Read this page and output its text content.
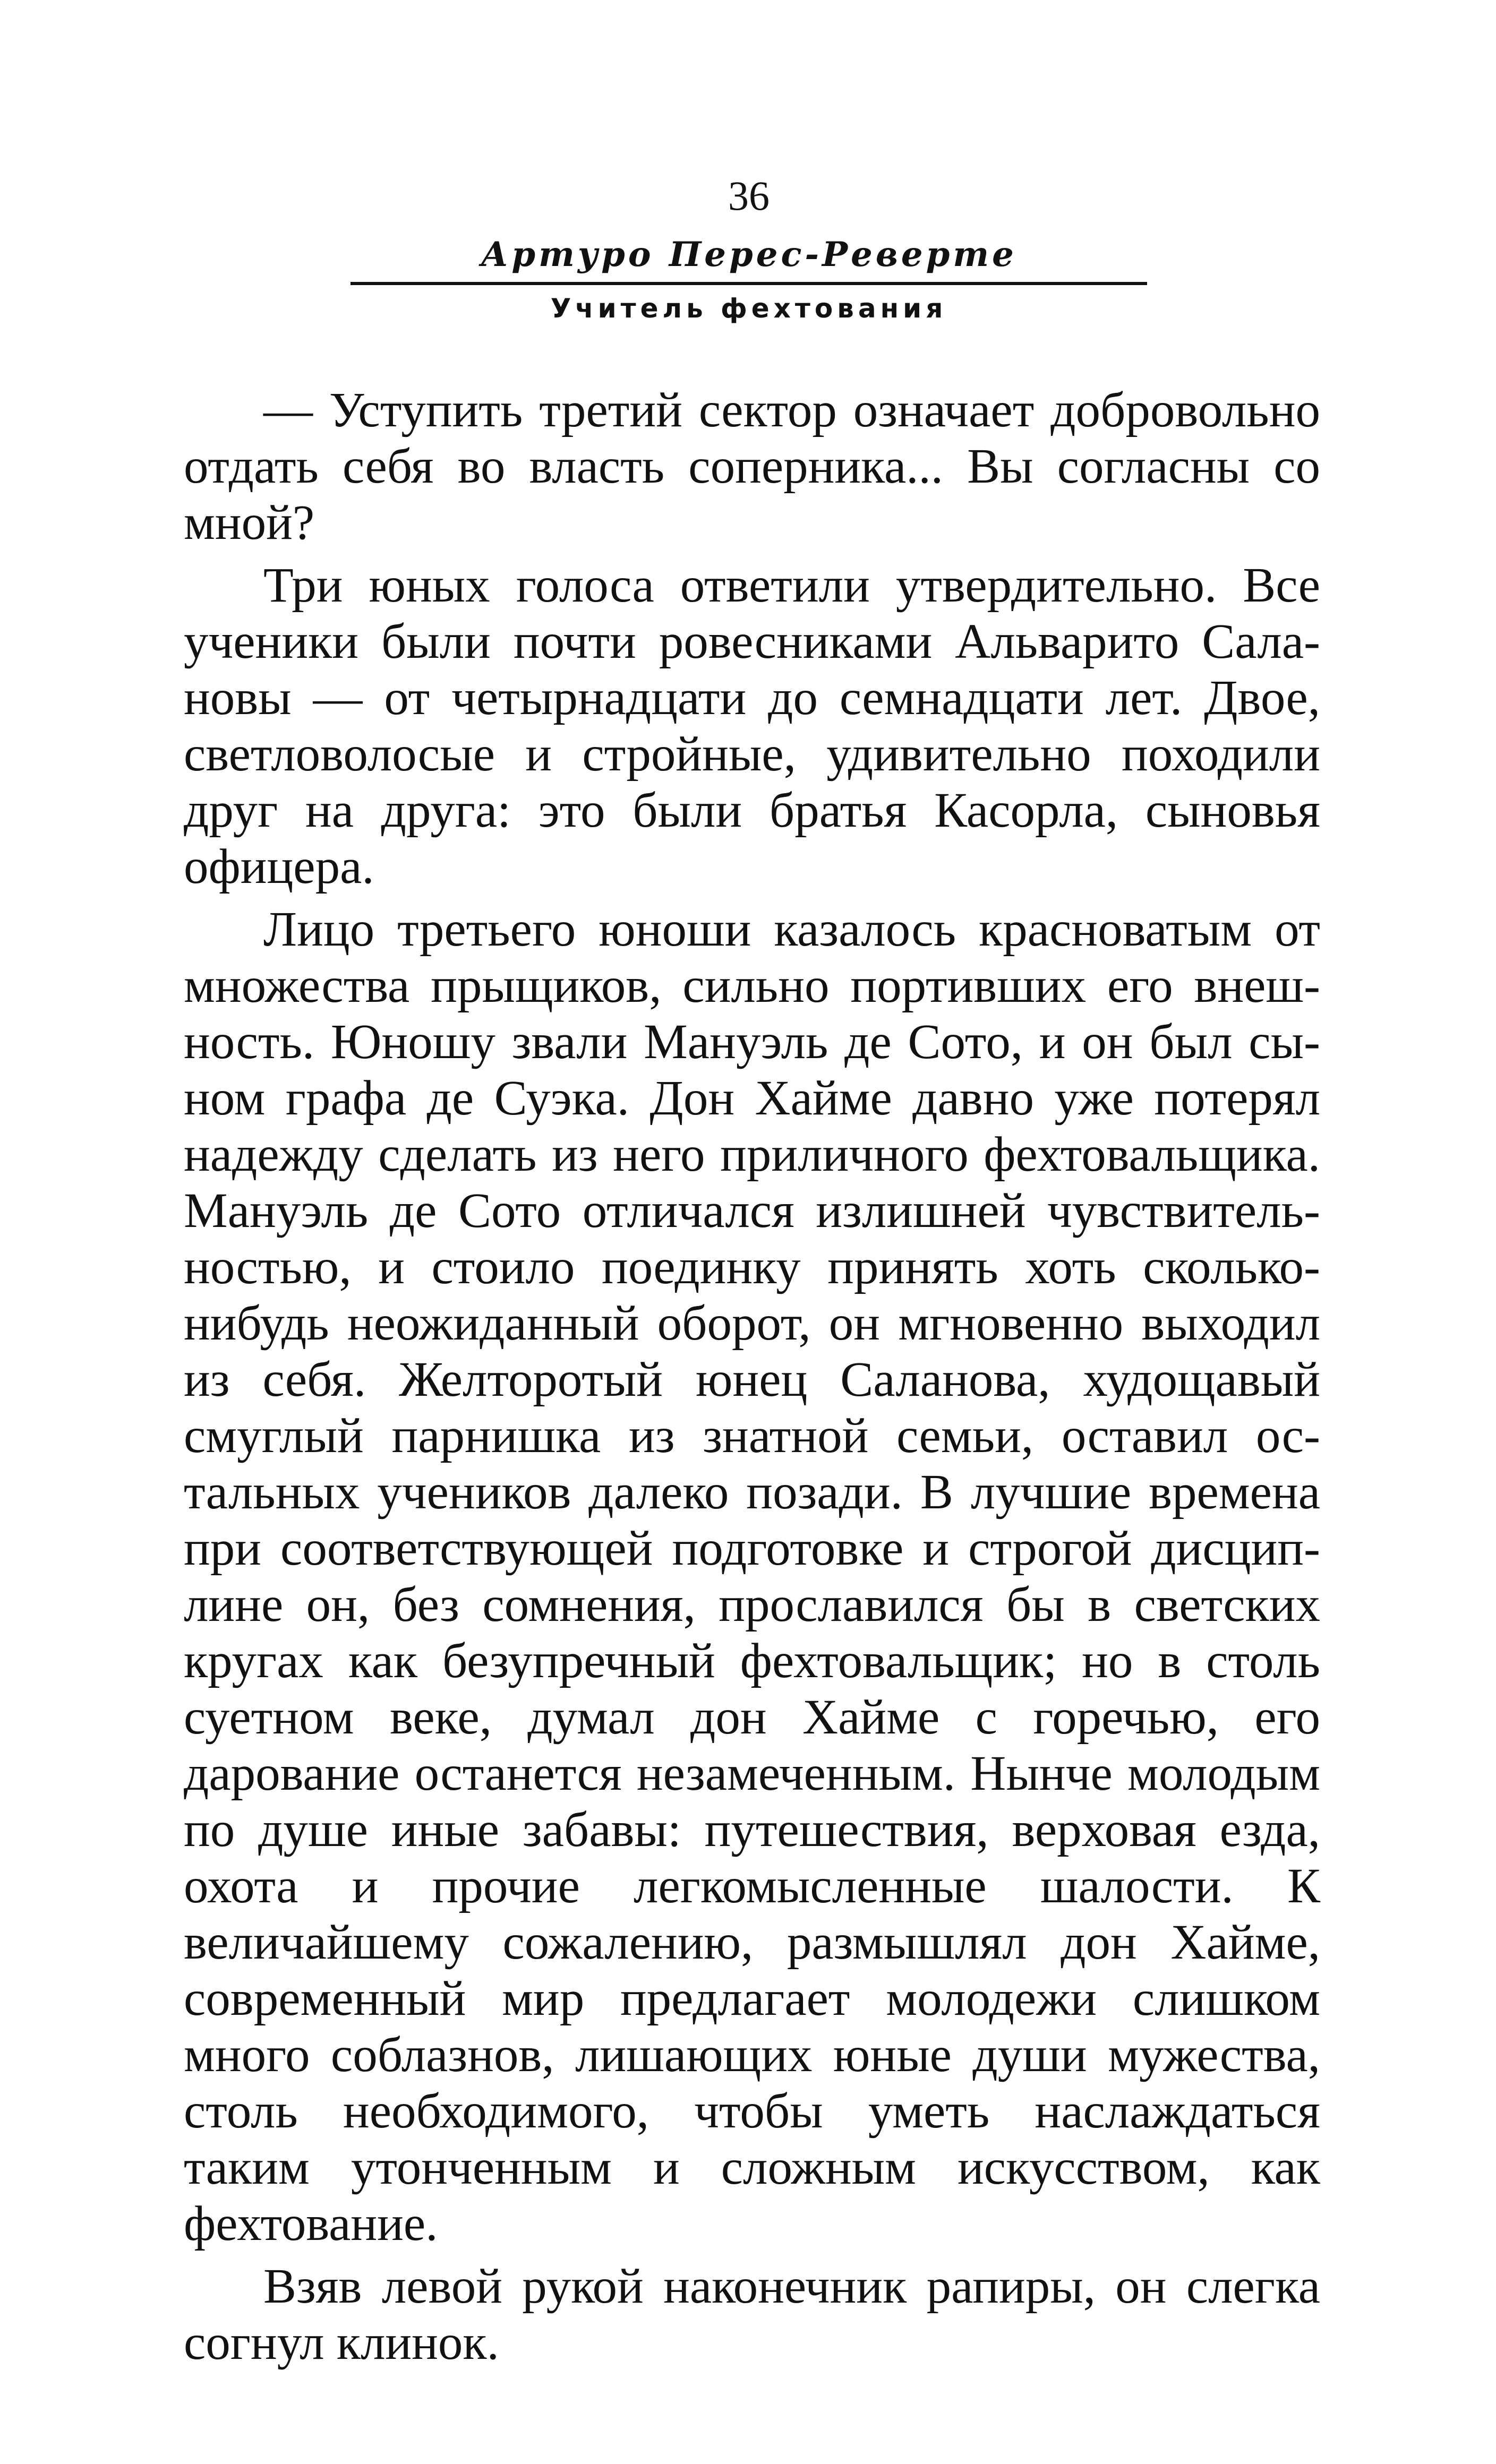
36
Артуро Перес-Реверте
Учитель фехтования

— Уступить третий сектор означает добровольно отдать себя во власть соперника... Вы согласны со мной?

Три юных голоса ответили утвердительно. Все ученики были почти ровесниками Альварито Салановы — от четырнадцати до семнадцати лет. Двое, светловолосые и стройные, удивительно походили друг на друга: это были братья Касорла, сыновья офицера.

Лицо третьего юноши казалось красноватым от множества прыщиков, сильно портивших его внешность. Юношу звали Мануэль де Сото, и он был сыном графа де Суэка. Дон Хайме давно уже потерял надежду сделать из него приличного фехтовальщика. Мануэль де Сото отличался излишней чувствительностью, и стоило поединку принять хоть сколько-нибудь неожиданный оборот, он мгновенно выходил из себя. Желторотый юнец Саланова, худощавый смуглый парнишка из знатной семьи, оставил остальных учеников далеко позади. В лучшие времена при соответствующей подготовке и строгой дисциплине он, без сомнения, прославился бы в светских кругах как безупречный фехтовальщик; но в столь суетном веке, думал дон Хайме с горечью, его дарование останется незамеченным. Нынче молодым по душе иные забавы: путешествия, верховая езда, охота и прочие легкомысленные шалости. К величайшему сожалению, размышлял дон Хайме, современный мир предлагает молодежи слишком много соблазнов, лишающих юные души мужества, столь необходимого, чтобы уметь наслаждаться таким утонченным и сложным искусством, как фехтование.

Взяв левой рукой наконечник рапиры, он слегка согнул клинок.
